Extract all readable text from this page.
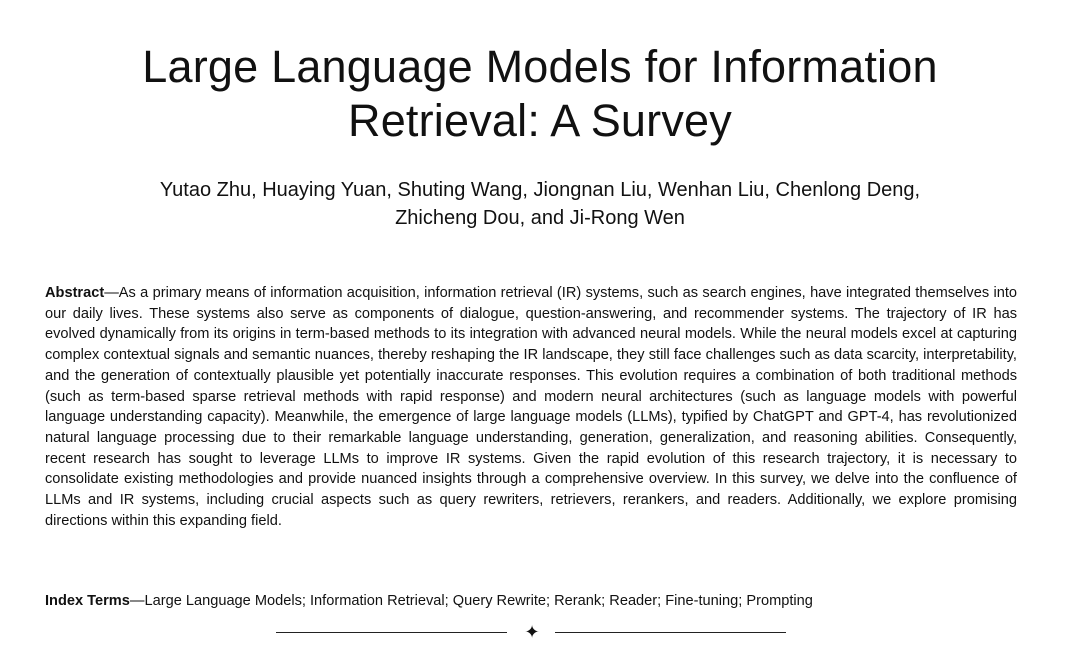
Large Language Models for Information
Retrieval: A Survey
Yutao Zhu, Huaying Yuan, Shuting Wang, Jiongnan Liu, Wenhan Liu, Chenlong Deng,
Zhicheng Dou, and Ji-Rong Wen

Abstract—As a primary means of information acquisition, information retrieval (IR) systems, such as search engines, have integrated themselves into our daily lives. These systems also serve as components of dialogue, question-answering, and recommender systems. The trajectory of IR has evolved dynamically from its origins in term-based methods to its integration with advanced neural models. While the neural models excel at capturing complex contextual signals and semantic nuances, thereby reshaping the IR landscape, they still face challenges such as data scarcity, interpretability, and the generation of contextually plausible yet potentially inaccurate responses. This evolution requires a combination of both traditional methods (such as term-based sparse retrieval methods with rapid response) and modern neural architectures (such as language models with powerful language understanding capacity). Meanwhile, the emergence of large language models (LLMs), typified by ChatGPT and GPT-4, has revolutionized natural language processing due to their remarkable language understanding, generation, generalization, and reasoning abilities. Consequently, recent research has sought to leverage LLMs to improve IR systems. Given the rapid evolution of this research trajectory, it is necessary to consolidate existing methodologies and provide nuanced insights through a comprehensive overview. In this survey, we delve into the confluence of LLMs and IR systems, including crucial aspects such as query rewriters, retrievers, rerankers, and readers. Additionally, we explore promising directions within this expanding field.

Index Terms—Large Language Models; Information Retrieval; Query Rewrite; Rerank; Reader; Fine-tuning; Prompting

✦
